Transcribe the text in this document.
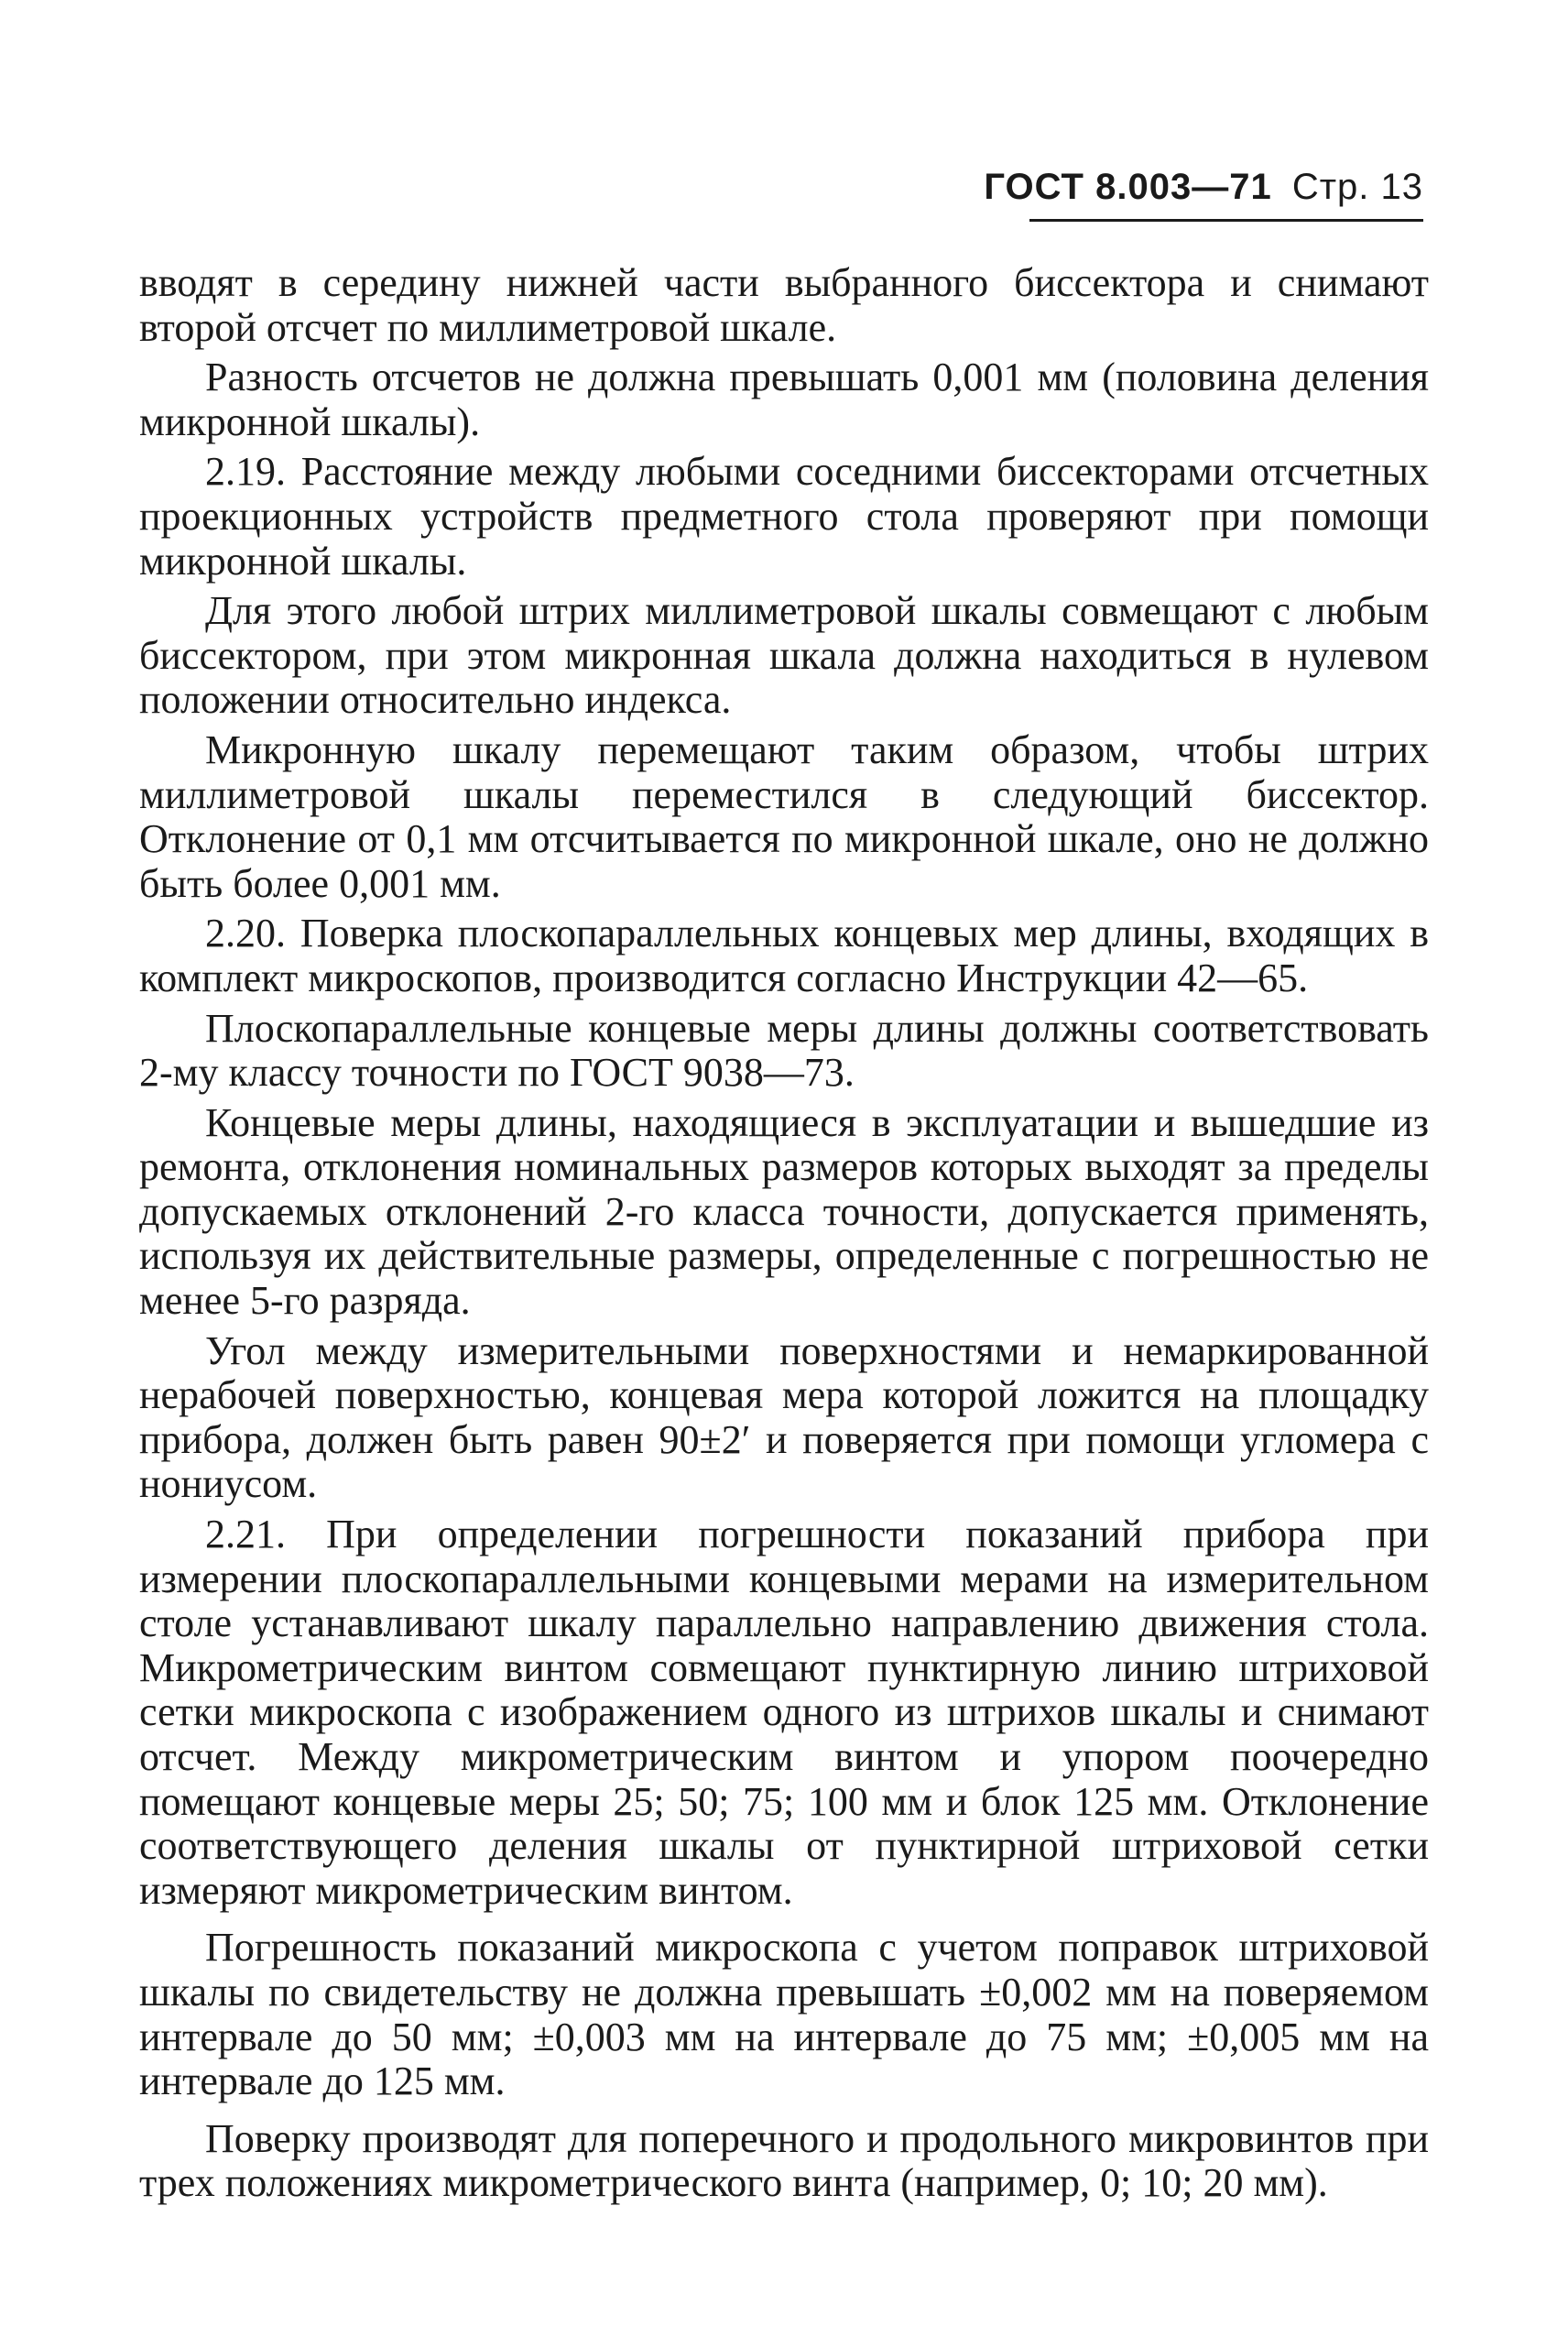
ГОСТ 8.003—71 Стр. 13

вводят в середину нижней части выбранного биссектора и снимают второй отсчет по миллиметровой шкале.

Разность отсчетов не должна превышать 0,001 мм (половина деления микронной шкалы).

2.19. Расстояние между любыми соседними биссекторами отсчетных проекционных устройств предметного стола проверяют при помощи микронной шкалы.

Для этого любой штрих миллиметровой шкалы совмещают с любым биссектором, при этом микронная шкала должна находиться в нулевом положении относительно индекса.

Микронную шкалу перемещают таким образом, чтобы штрих миллиметровой шкалы переместился в следующий биссектор. Отклонение от 0,1 мм отсчитывается по микронной шкале, оно не должно быть более 0,001 мм.

2.20. Поверка плоскопараллельных концевых мер длины, входящих в комплект микроскопов, производится согласно Инструкции 42—65.

Плоскопараллельные концевые меры длины должны соответствовать 2-му классу точности по ГОСТ 9038—73.

Концевые меры длины, находящиеся в эксплуатации и вышедшие из ремонта, отклонения номинальных размеров которых выходят за пределы допускаемых отклонений 2-го класса точности, допускается применять, используя их действительные размеры, определенные с погрешностью не менее 5-го разряда.

Угол между измерительными поверхностями и немаркированной нерабочей поверхностью, концевая мера которой ложится на площадку прибора, должен быть равен 90±2′ и поверяется при помощи угломера с нониусом.

2.21. При определении погрешности показаний прибора при измерении плоскопараллельными концевыми мерами на измерительном столе устанавливают шкалу параллельно направлению движения стола. Микрометрическим винтом совмещают пунктирную линию штриховой сетки микроскопа с изображением одного из штрихов шкалы и снимают отсчет. Между микрометрическим винтом и упором поочередно помещают концевые меры 25; 50; 75; 100 мм и блок 125 мм. Отклонение соответствующего деления шкалы от пунктирной штриховой сетки измеряют микрометрическим винтом.

Погрешность показаний микроскопа с учетом поправок штриховой шкалы по свидетельству не должна превышать ±0,002 мм на поверяемом интервале до 50 мм; ±0,003 мм на интервале до 75 мм; ±0,005 мм на интервале до 125 мм.

Поверку производят для поперечного и продольного микровинтов при трех положениях микрометрического винта (например, 0; 10; 20 мм).
